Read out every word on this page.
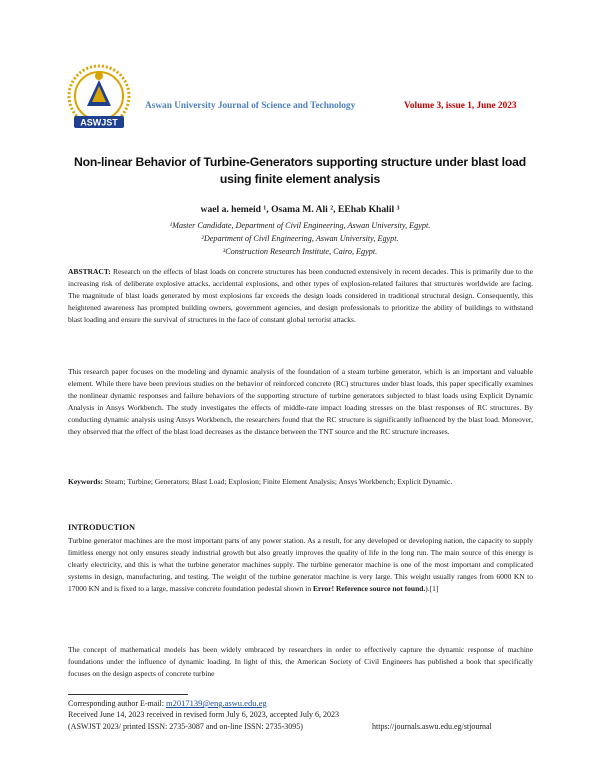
ASWJST
Aswan University Journal of Science and Technology	Volume 3, issue 1, June 2023
Non-linear Behavior of Turbine-Generators supporting structure under blast load
using finite element analysis
wael a. hemeid ¹, Osama M. Ali ², EEhab Khalil ³
¹Master Candidate, Department of Civil Engineering, Aswan University, Egypt.
²Department of Civil Engineering, Aswan University, Egypt.
³Construction Research Institute, Cairo, Egypt.
ABSTRACT: Research on the effects of blast loads on concrete structures has been conducted extensively in recent decades. This is primarily due to the increasing risk of deliberate explosive attacks, accidental explosions, and other types of explosion-related failures that structures worldwide are facing. The magnitude of blast loads generated by most explosions far exceeds the design loads considered in traditional structural design. Consequently, this heightened awareness has prompted building owners, government agencies, and design professionals to prioritize the ability of buildings to withstand blast loading and ensure the survival of structures in the face of constant global terrorist attacks.
This research paper focuses on the modeling and dynamic analysis of the foundation of a steam turbine generator, which is an important and valuable element. While there have been previous studies on the behavior of reinforced concrete (RC) structures under blast loads, this paper specifically examines the nonlinear dynamic responses and failure behaviors of the supporting structure of turbine generators subjected to blast loads using Explicit Dynamic Analysis in Ansys Workbench. The study investigates the effects of middle-rate impact loading stresses on the blast responses of RC structures. By conducting dynamic analysis using Ansys Workbench, the researchers found that the RC structure is significantly influenced by the blast load. Moreover, they observed that the effect of the blast load decreases as the distance between the TNT source and the RC structure increases.
Keywords: Steam; Turbine; Generators; Blast Load; Explosion; Finite Element Analysis; Ansys Workbench; Explicit Dynamic.
INTRODUCTION
Turbine generator machines are the most important parts of any power station. As a result, for any developed or developing nation, the capacity to supply limitless energy not only ensures steady industrial growth but also greatly improves the quality of life in the long run. The main source of this energy is clearly electricity, and this is what the turbine generator machines supply. The turbine generator machine is one of the most important and complicated systems in design, manufacturing, and testing. The weight of the turbine generator machine is very large. This weight usually ranges from 6000 KN to 17000 KN and is fixed to a large, massive concrete foundation pedestal shown in Error! Reference source not found.).[1]
The concept of mathematical models has been widely embraced by researchers in order to effectively capture the dynamic response of machine foundations under the influence of dynamic loading. In light of this, the American Society of Civil Engineers has published a book that specifically focuses on the design aspects of concrete turbine
Corresponding author E-mail: m2017139@eng.aswu.edu.eg
Received June 14, 2023 received in revised form July 6, 2023, accepted July 6, 2023
(ASWJST 2023/ printed ISSN: 2735-3087 and on-line ISSN: 2735-3095)	https://journals.aswu.edu.eg/stjournal
